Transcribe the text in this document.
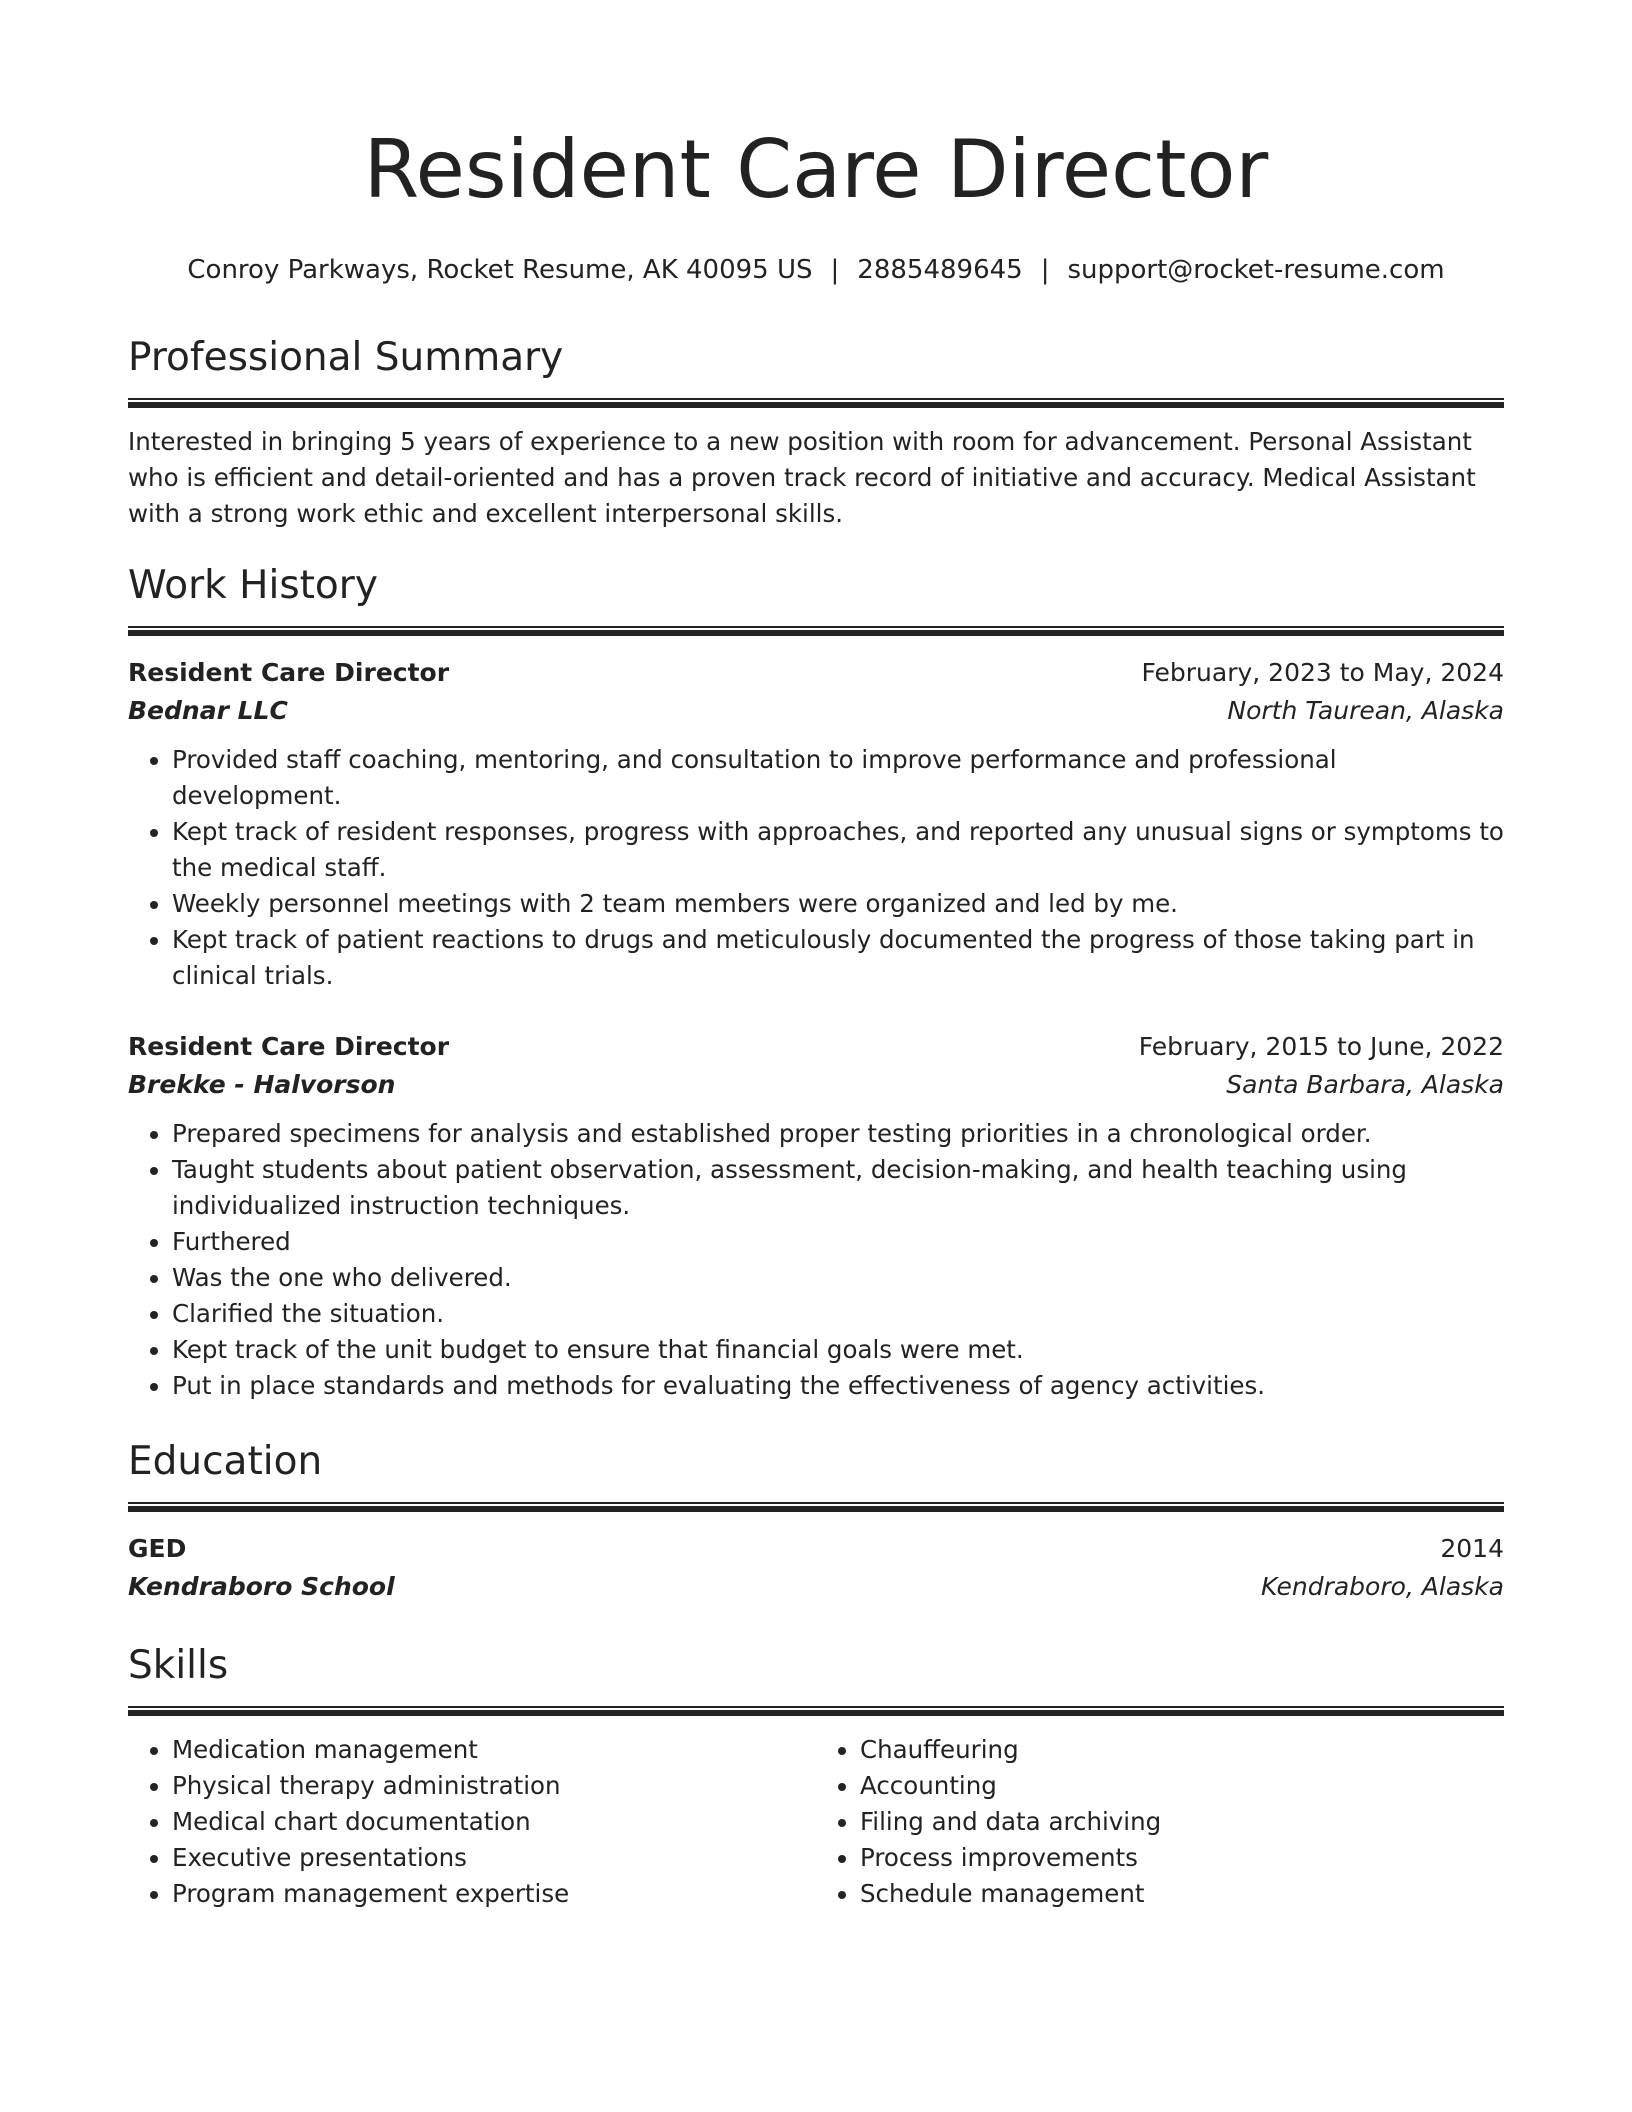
Resident Care Director
Conroy Parkways, Rocket Resume, AK 40095 US | 2885489645 | support@rocket-resume.com
Professional Summary
Interested in bringing 5 years of experience to a new position with room for advancement. Personal Assistant who is efficient and detail-oriented and has a proven track record of initiative and accuracy. Medical Assistant with a strong work ethic and excellent interpersonal skills.
Work History
Resident Care Director	February, 2023 to May, 2024
Bednar LLC	North Taurean, Alaska
• Provided staff coaching, mentoring, and consultation to improve performance and professional development.
• Kept track of resident responses, progress with approaches, and reported any unusual signs or symptoms to the medical staff.
• Weekly personnel meetings with 2 team members were organized and led by me.
• Kept track of patient reactions to drugs and meticulously documented the progress of those taking part in clinical trials.
Resident Care Director	February, 2015 to June, 2022
Brekke - Halvorson	Santa Barbara, Alaska
• Prepared specimens for analysis and established proper testing priorities in a chronological order.
• Taught students about patient observation, assessment, decision-making, and health teaching using individualized instruction techniques.
• Furthered
• Was the one who delivered.
• Clarified the situation.
• Kept track of the unit budget to ensure that financial goals were met.
• Put in place standards and methods for evaluating the effectiveness of agency activities.
Education
GED	2014
Kendraboro School	Kendraboro, Alaska
Skills
• Medication management
• Physical therapy administration
• Medical chart documentation
• Executive presentations
• Program management expertise
• Chauffeuring
• Accounting
• Filing and data archiving
• Process improvements
• Schedule management
